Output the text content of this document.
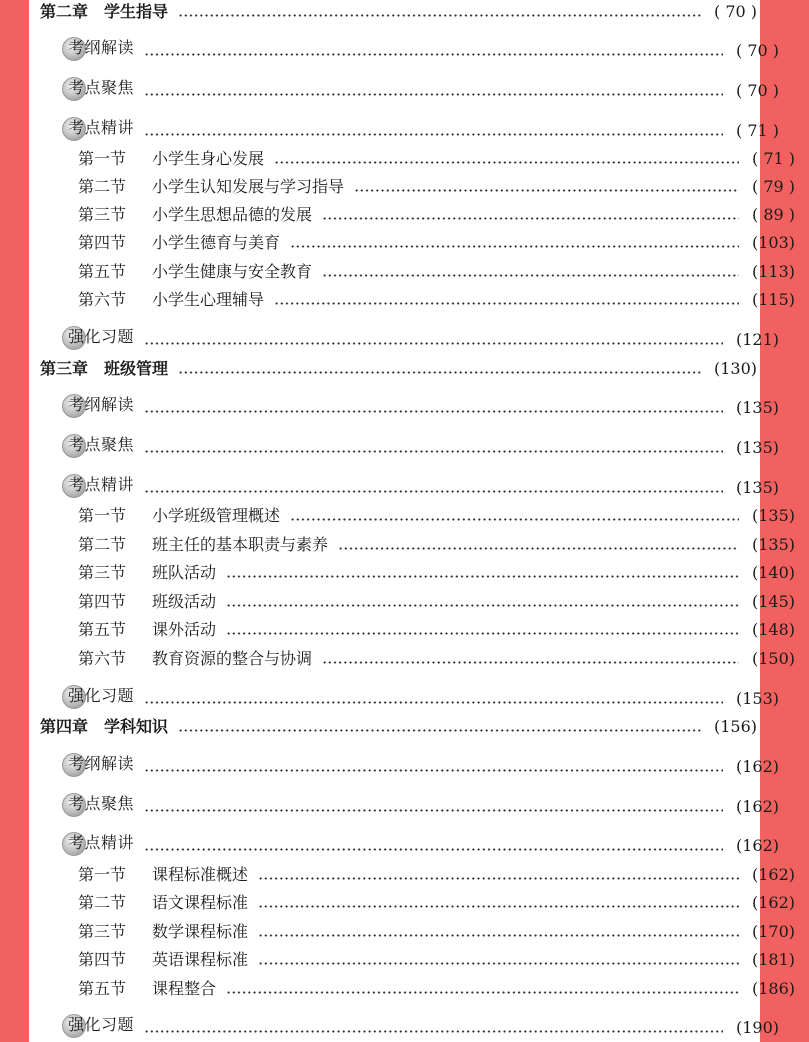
第二章　学生指导	( 70 )
考纲解读	( 70 )
考点聚焦	( 70 )
考点精讲	( 71 )
第一节 小学生身心发展	( 71 )
第二节 小学生认知发展与学习指导	( 79 )
第三节 小学生思想品德的发展	( 89 )
第四节 小学生德育与美育	(103)
第五节 小学生健康与安全教育	(113)
第六节 小学生心理辅导	(115)
强化习题	(121)
第三章　班级管理	(130)
考纲解读	(135)
考点聚焦	(135)
考点精讲	(135)
第一节 小学班级管理概述	(135)
第二节 班主任的基本职责与素养	(135)
第三节 班队活动	(140)
第四节 班级活动	(145)
第五节 课外活动	(148)
第六节 教育资源的整合与协调	(150)
强化习题	(153)
第四章　学科知识	(156)
考纲解读	(162)
考点聚焦	(162)
考点精讲	(162)
第一节 课程标准概述	(162)
第二节 语文课程标准	(162)
第三节 数学课程标准	(170)
第四节 英语课程标准	(181)
第五节 课程整合	(186)
强化习题	(190)
